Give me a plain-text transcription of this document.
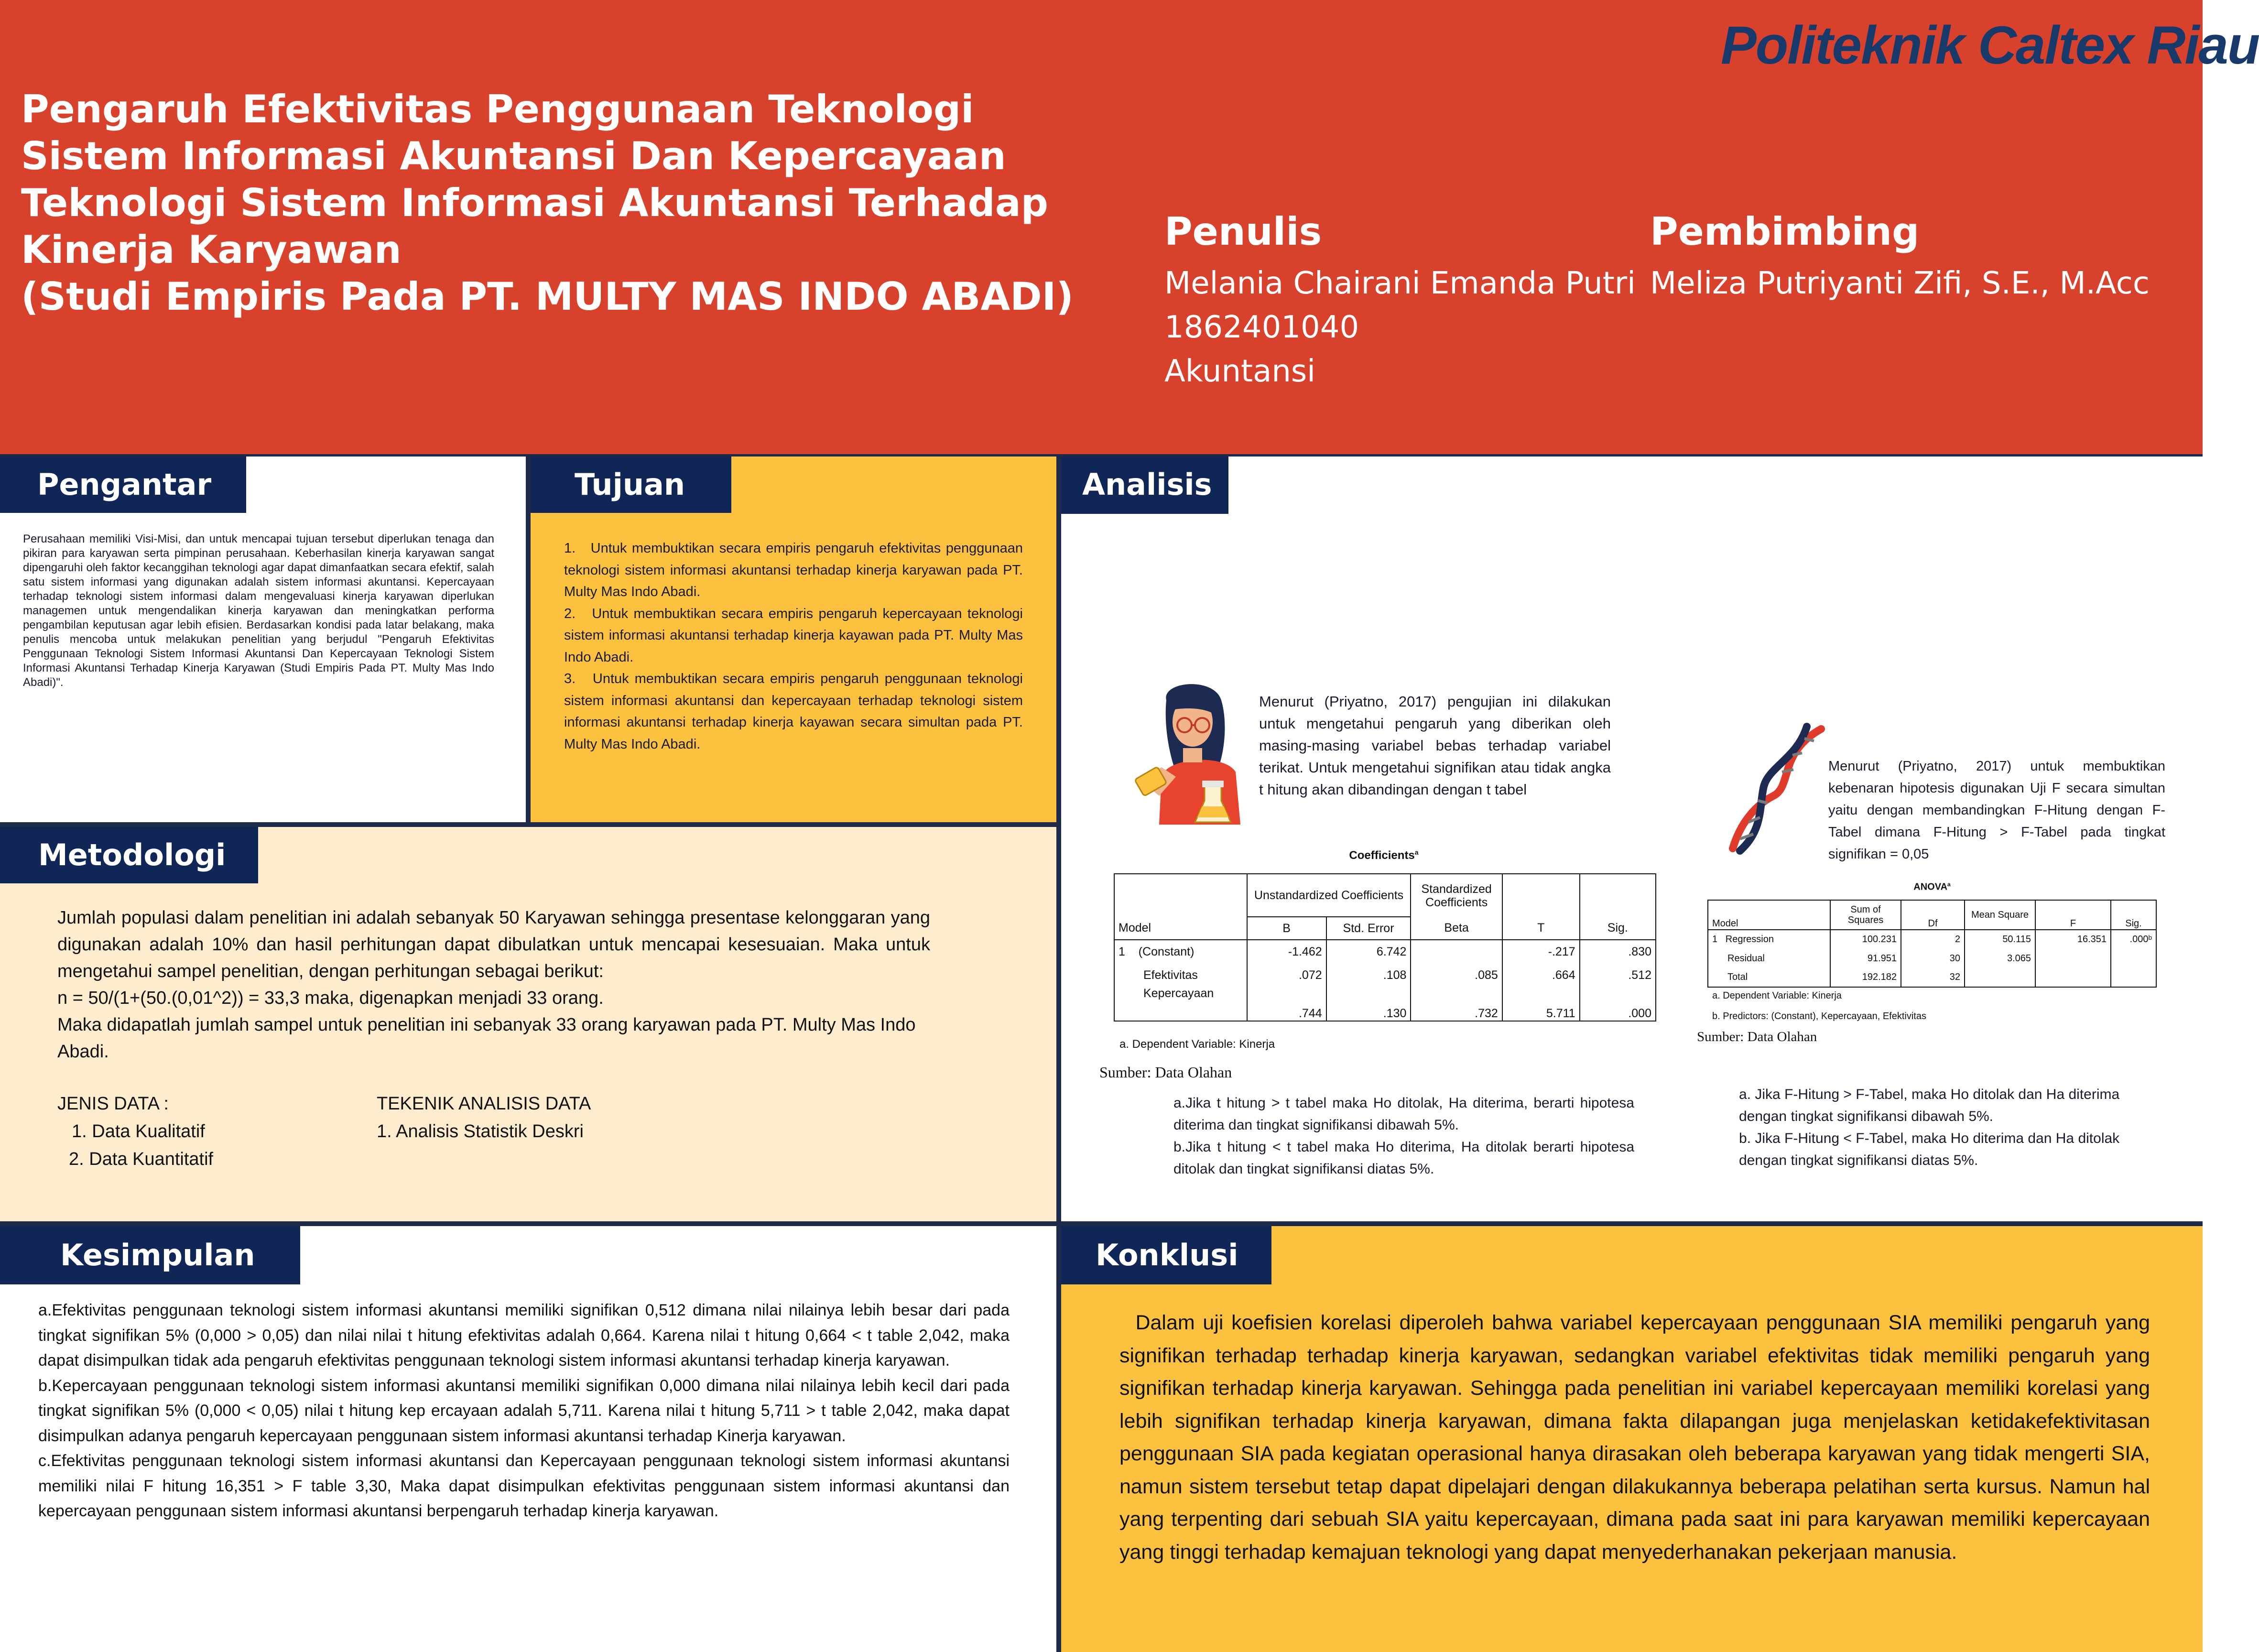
Politeknik Caltex Riau
Pengaruh Efektivitas Penggunaan Teknologi
Sistem Informasi Akuntansi Dan Kepercayaan
Teknologi Sistem Informasi Akuntansi Terhadap
Kinerja Karyawan
(Studi Empiris Pada PT. MULTY MAS INDO ABADI)
Penulis
Melania Chairani Emanda Putri
1862401040
Akuntansi
Pembimbing
Meliza Putriyanti Zifi, S.E., M.Acc
Pengantar
Perusahaan memiliki Visi-Misi, dan untuk mencapai tujuan tersebut diperlukan tenaga dan pikiran para karyawan serta pimpinan perusahaan. Keberhasilan kinerja karyawan sangat dipengaruhi oleh faktor kecanggihan teknologi agar dapat dimanfaatkan secara efektif, salah satu sistem informasi yang digunakan adalah sistem informasi akuntansi. Kepercayaan terhadap teknologi sistem informasi dalam mengevaluasi kinerja karyawan diperlukan managemen untuk mengendalikan kinerja karyawan dan meningkatkan performa pengambilan keputusan agar lebih efisien. Berdasarkan kondisi pada latar belakang, maka penulis mencoba untuk melakukan penelitian yang berjudul "Pengaruh Efektivitas Penggunaan Teknologi Sistem Informasi Akuntansi Dan Kepercayaan Teknologi Sistem Informasi Akuntansi Terhadap Kinerja Karyawan (Studi Empiris Pada PT. Multy Mas Indo Abadi)".
Tujuan
1.   Untuk membuktikan secara empiris pengaruh efektivitas penggunaan teknologi sistem informasi akuntansi terhadap kinerja karyawan pada PT. Multy Mas Indo Abadi.
2.   Untuk membuktikan secara empiris pengaruh kepercayaan teknologi sistem informasi akuntansi terhadap kinerja kayawan pada PT. Multy Mas Indo Abadi.
3.   Untuk membuktikan secara empiris pengaruh penggunaan teknologi sistem informasi akuntansi dan kepercayaan terhadap teknologi sistem informasi akuntansi terhadap kinerja kayawan secara simultan pada PT. Multy Mas Indo Abadi.
Analisis
Menurut (Priyatno, 2017) pengujian ini dilakukan untuk mengetahui pengaruh yang diberikan oleh masing-masing variabel bebas terhadap variabel terikat. Untuk mengetahui signifikan atau tidak angka t hitung akan dibandingan dengan t tabel
Coefficients$^a$
	Unstandardized Coefficients		Standardized Coefficients		
Model	B	Std. Error	Beta	T	Sig.
1    (Constant)	-1.462	6.742		-.217	.830
Efektivitas	.072	.108	.085	.664	.512
Kepercayaan	.744	.130	.732	5.711	.000
a. Dependent Variable: Kinerja
Sumber: Data Olahan
a.Jika t hitung > t tabel maka Ho ditolak, Ha diterima, berarti hipotesa diterima dan tingkat signifikansi dibawah 5%.
b.Jika t hitung < t tabel maka Ho diterima, Ha ditolak berarti hipotesa ditolak dan tingkat signifikansi diatas 5%.
Menurut (Priyatno, 2017) untuk membuktikan kebenaran hipotesis digunakan Uji F secara simultan yaitu dengan membandingkan F-Hitung dengan F-Tabel dimana F-Hitung > F-Tabel pada tingkat signifikan = 0,05
ANOVA$^a$
Model	Sum of Squares	Df	Mean Square	F	Sig.
1   Regression	100.231	2	50.115	16.351	.000ᵇ
Residual	91.951	30	3.065		
Total	192.182	32			
a. Dependent Variable: Kinerja
b. Predictors: (Constant), Kepercayaan, Efektivitas
Sumber: Data Olahan
a. Jika F-Hitung > F-Tabel, maka Ho ditolak dan Ha diterima dengan tingkat signifikansi dibawah 5%.
b. Jika F-Hitung < F-Tabel, maka Ho diterima dan Ha ditolak dengan tingkat signifikansi diatas 5%.
Metodologi
Jumlah populasi dalam penelitian ini adalah sebanyak 50 Karyawan sehingga presentase kelonggaran yang digunakan adalah 10% dan hasil perhitungan dapat dibulatkan untuk mencapai kesesuaian. Maka untuk mengetahui sampel penelitian, dengan perhitungan sebagai berikut:
n = 50/(1+(50.(0,01^2)) = 33,3 maka, digenapkan menjadi 33 orang.
Maka didapatlah jumlah sampel untuk penelitian ini sebanyak 33 orang karyawan pada PT. Multy Mas Indo Abadi.
JENIS DATA :
1. Data Kualitatif
2. Data Kuantitatif
TEKENIK ANALISIS DATA
1. Analisis Statistik Deskri
Kesimpulan
a.Efektivitas penggunaan teknologi sistem informasi akuntansi memiliki signifikan 0,512 dimana nilai nilainya lebih besar dari pada tingkat signifikan 5% (0,000 > 0,05) dan nilai nilai t hitung efektivitas adalah 0,664. Karena nilai t hitung 0,664 < t table 2,042, maka dapat disimpulkan tidak ada pengaruh efektivitas penggunaan teknologi sistem informasi akuntansi terhadap kinerja karyawan.
b.Kepercayaan penggunaan teknologi sistem informasi akuntansi memiliki signifikan 0,000 dimana nilai nilainya lebih kecil dari pada tingkat signifikan 5% (0,000 < 0,05) nilai t hitung kep ercayaan adalah 5,711. Karena nilai t hitung 5,711 > t table 2,042, maka dapat disimpulkan adanya pengaruh kepercayaan penggunaan sistem informasi akuntansi terhadap Kinerja karyawan.
c.Efektivitas penggunaan teknologi sistem informasi akuntansi dan Kepercayaan penggunaan teknologi sistem informasi akuntansi memiliki nilai F hitung 16,351 > F table 3,30, Maka dapat disimpulkan efektivitas penggunaan sistem informasi akuntansi dan kepercayaan penggunaan sistem informasi akuntansi berpengaruh terhadap kinerja karyawan.
Konklusi
Dalam uji koefisien korelasi diperoleh bahwa variabel kepercayaan penggunaan SIA memiliki pengaruh yang signifikan terhadap terhadap kinerja karyawan, sedangkan variabel efektivitas tidak memiliki pengaruh yang signifikan terhadap kinerja karyawan. Sehingga pada penelitian ini variabel kepercayaan memiliki korelasi yang lebih signifikan terhadap kinerja karyawan, dimana fakta dilapangan juga menjelaskan ketidakefektivitasan penggunaan SIA pada kegiatan operasional hanya dirasakan oleh beberapa karyawan yang tidak mengerti SIA, namun sistem tersebut tetap dapat dipelajari dengan dilakukannya beberapa pelatihan serta kursus. Namun hal yang terpenting dari sebuah SIA yaitu kepercayaan, dimana pada saat ini para karyawan memiliki kepercayaan yang tinggi terhadap kemajuan teknologi yang dapat menyederhanakan pekerjaan manusia.
